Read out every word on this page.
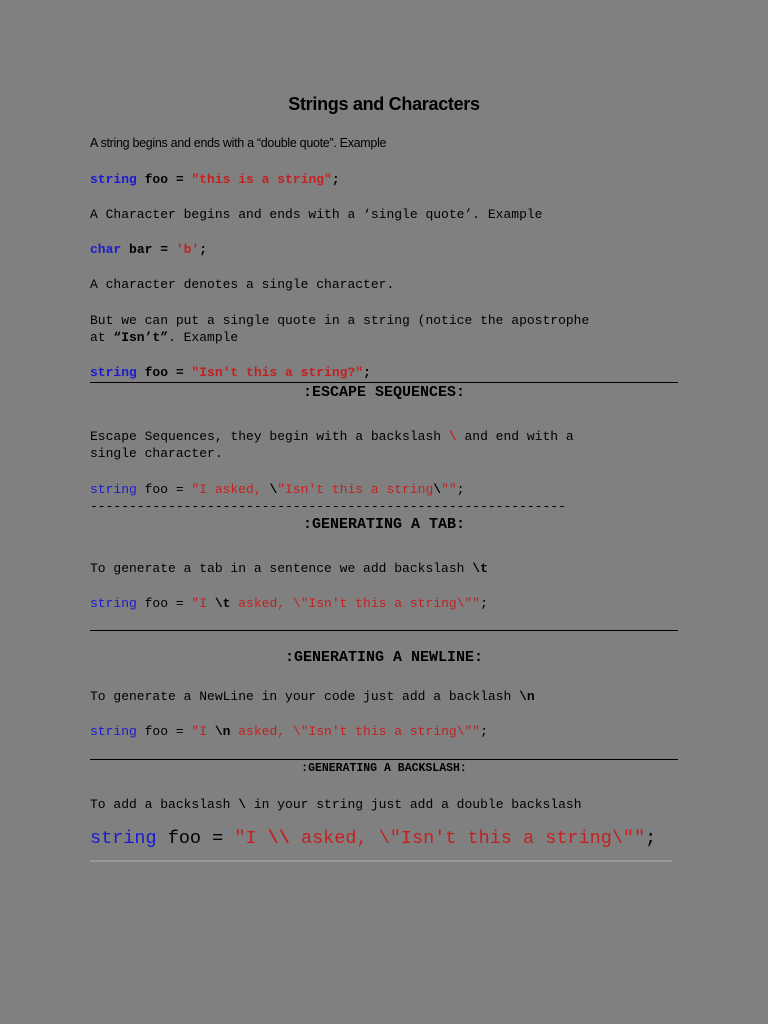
Strings and Characters
A string begins and ends with a “double quote”. Example
string foo = "this is a string";
A Character begins and ends with a ‘single quote’. Example
char bar = 'b';
A character denotes a single character.
But we can put a single quote in a string (notice the apostrophe
at “Isn’t”. Example
string foo = "Isn't this a string?";
:ESCAPE SEQUENCES:
Escape Sequences, they begin with a backslash \ and end with a
single character.
string foo = "I asked, \"Isn't this a string\"";
-------------------------------------------------------------
:GENERATING A TAB:
To generate a tab in a sentence we add backslash \t
string foo = "I \t asked, \"Isn't this a string\"";
:GENERATING A NEWLINE:
To generate a NewLine in your code just add a backlash \n
string foo = "I \n asked, \"Isn't this a string\"";
:GENERATING A BACKSLASH:
To add a backslash \ in your string just add a double backslash
string foo = "I \\ asked, \"Isn't this a string\"";
